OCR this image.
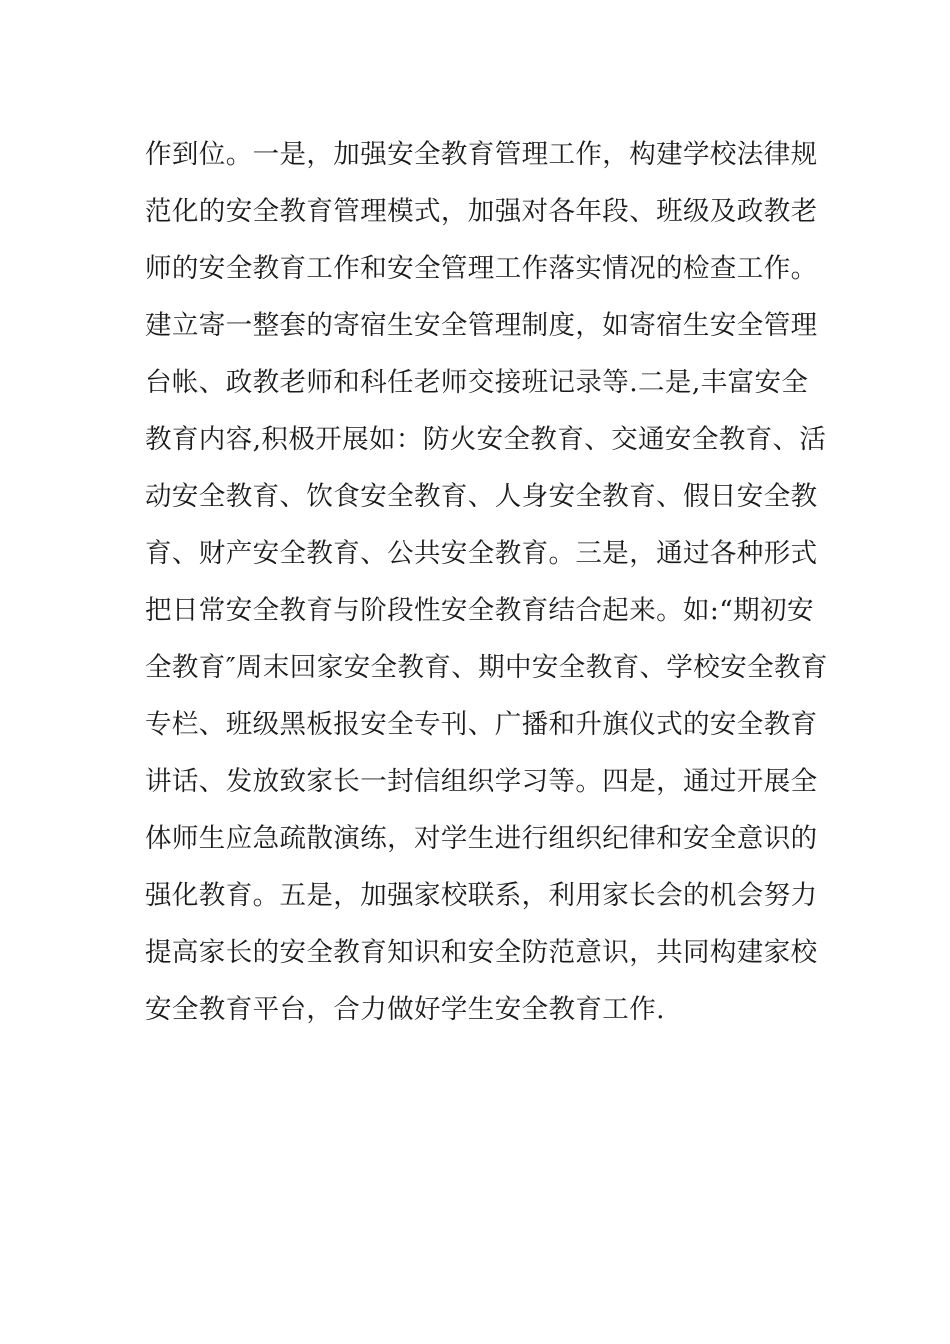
作到位。一是，加强安全教育管理工作，构建学校法律规
范化的安全教育管理模式，加强对各年段、班级及政教老
师的安全教育工作和安全管理工作落实情况的检查工作。
建立寄一整套的寄宿生安全管理制度，如寄宿生安全管理
台帐、政教老师和科任老师交接班记录等.二是,丰富安全
教育内容,积极开展如：防火安全教育、交通安全教育、活
动安全教育、饮食安全教育、人身安全教育、假日安全教
育、财产安全教育、公共安全教育。三是，通过各种形式
把日常安全教育与阶段性安全教育结合起来。如:“期初安
全教育″周末回家安全教育、期中安全教育、学校安全教育
专栏、班级黑板报安全专刊、广播和升旗仪式的安全教育
讲话、发放致家长一封信组织学习等。四是，通过开展全
体师生应急疏散演练，对学生进行组织纪律和安全意识的
强化教育。五是，加强家校联系，利用家长会的机会努力
提高家长的安全教育知识和安全防范意识，共同构建家校
安全教育平台，合力做好学生安全教育工作.
